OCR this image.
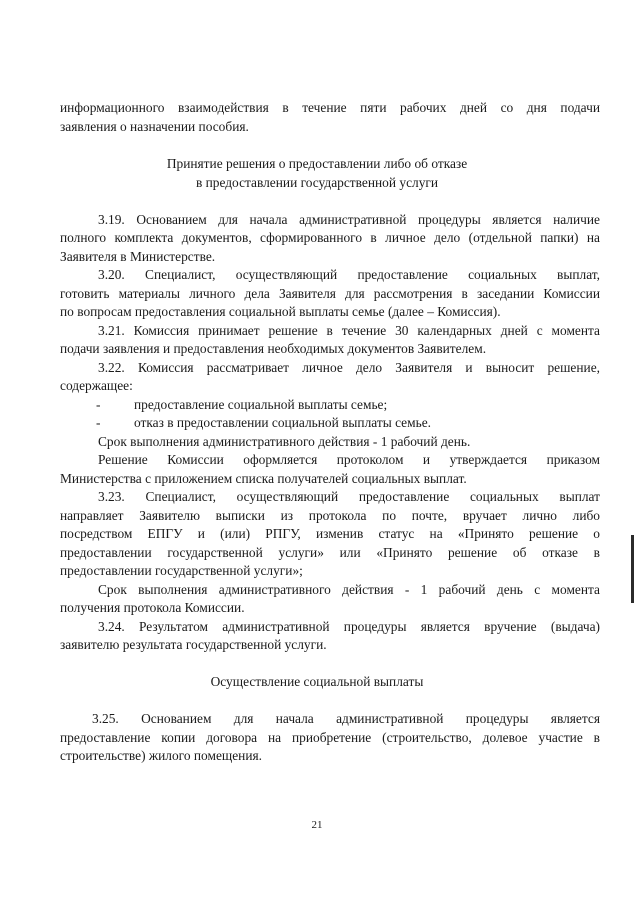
информационного взаимодействия в течение пяти рабочих дней со дня подачи
заявления о назначении пособия.
Принятие решения о предоставлении либо об отказе
в предоставлении государственной услуги
3.19. Основанием для начала административной процедуры является наличие
полного комплекта документов, сформированного в личное дело (отдельной папки) на
Заявителя в Министерстве.
3.20. Специалист, осуществляющий предоставление социальных выплат,
готовить материалы личного дела Заявителя для рассмотрения в заседании Комиссии
по вопросам предоставления социальной выплаты семье (далее – Комиссия).
3.21. Комиссия принимает решение в течение 30 календарных дней с момента
подачи заявления и предоставления необходимых документов Заявителем.
3.22. Комиссия рассматривает личное дело Заявителя и выносит решение,
содержащее:
-	предоставление социальной выплаты семье;
-	отказ в предоставлении социальной выплаты семье.
Срок выполнения административного действия - 1 рабочий день.
Решение Комиссии оформляется протоколом и утверждается приказом
Министерства с приложением списка получателей социальных выплат.
3.23. Специалист, осуществляющий предоставление социальных выплат
направляет Заявителю выписки из протокола по почте, вручает лично либо
посредством ЕПГУ и (или) РПГУ, изменив статус на «Принято решение о
предоставлении государственной услуги» или «Принято решение об отказе в
предоставлении государственной услуги»;
Срок выполнения административного действия - 1 рабочий день с момента
получения протокола Комиссии.
3.24. Результатом административной процедуры является вручение (выдача)
заявителю результата государственной услуги.
Осуществление социальной выплаты
3.25. Основанием для начала административной процедуры является
предоставление копии договора на приобретение (строительство, долевое участие в
строительстве) жилого помещения.
21
